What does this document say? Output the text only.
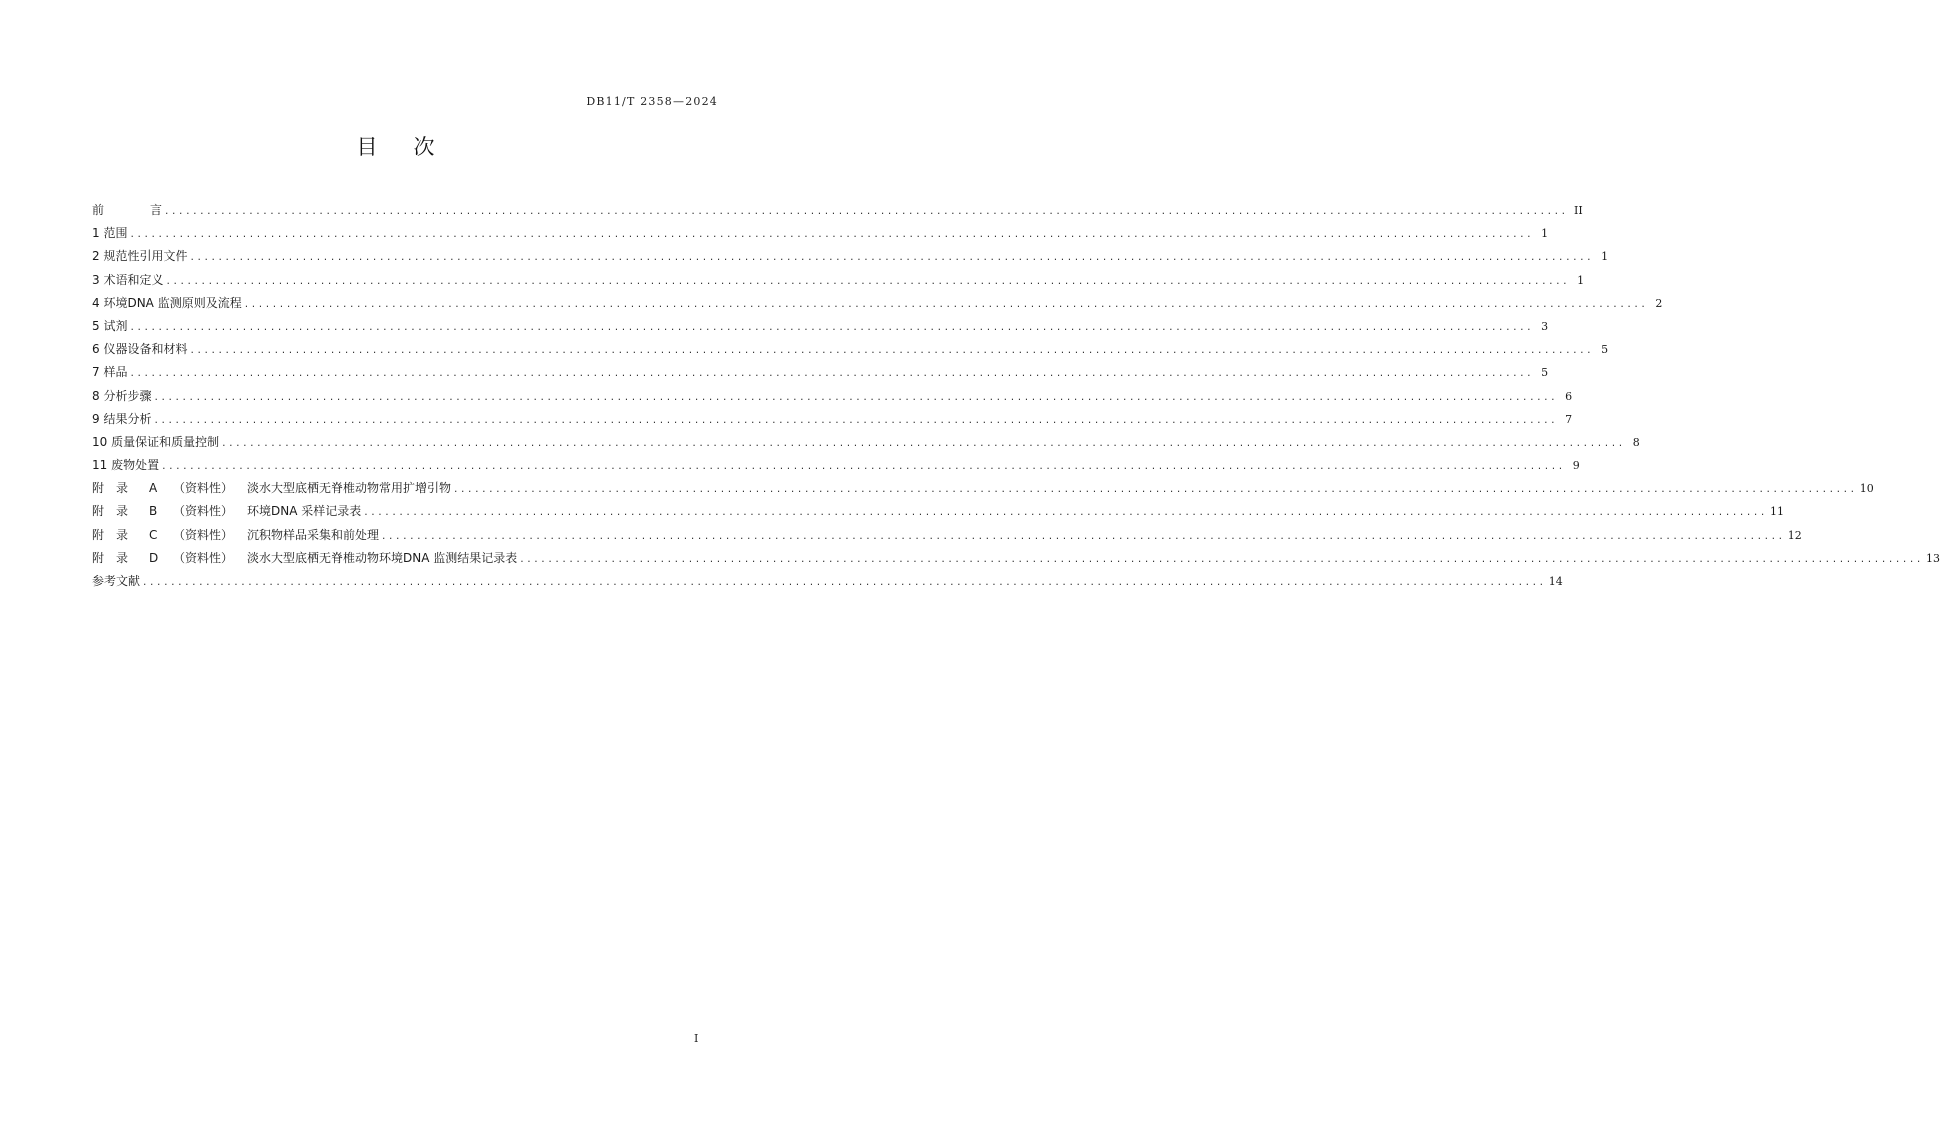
DB11/T 2358—2024
目 次
前	言 ........................................................................................................................................................................................................ II
1 范围 ........................................................................................................................................................................................................ 1
2 规范性引用文件 ........................................................................................................................................................................................................ 1
3 术语和定义 ........................................................................................................................................................................................................ 1
4 环境DNA 监测原则及流程 ........................................................................................................................................................................................................ 2
5 试剂 ........................................................................................................................................................................................................ 3
6 仪器设备和材料 ........................................................................................................................................................................................................ 5
7 样品 ........................................................................................................................................................................................................ 5
8 分析步骤 ........................................................................................................................................................................................................ 6
9 结果分析 ........................................................................................................................................................................................................ 7
10 质量保证和质量控制 ........................................................................................................................................................................................................ 8
11 废物处置 ........................................................................................................................................................................................................ 9
附 录 A （资料性） 淡水大型底栖无脊椎动物常用扩增引物 ........................................................................................................................................................................................................ 10
附 录 B （资料性） 环境DNA 采样记录表 ........................................................................................................................................................................................................ 11
附 录 C （资料性） 沉积物样品采集和前处理 ........................................................................................................................................................................................................ 12
附 录 D （资料性） 淡水大型底栖无脊椎动物环境DNA 监测结果记录表 ........................................................................................................................................................................................................ 13
参考文献 ........................................................................................................................................................................................................ 14
I
